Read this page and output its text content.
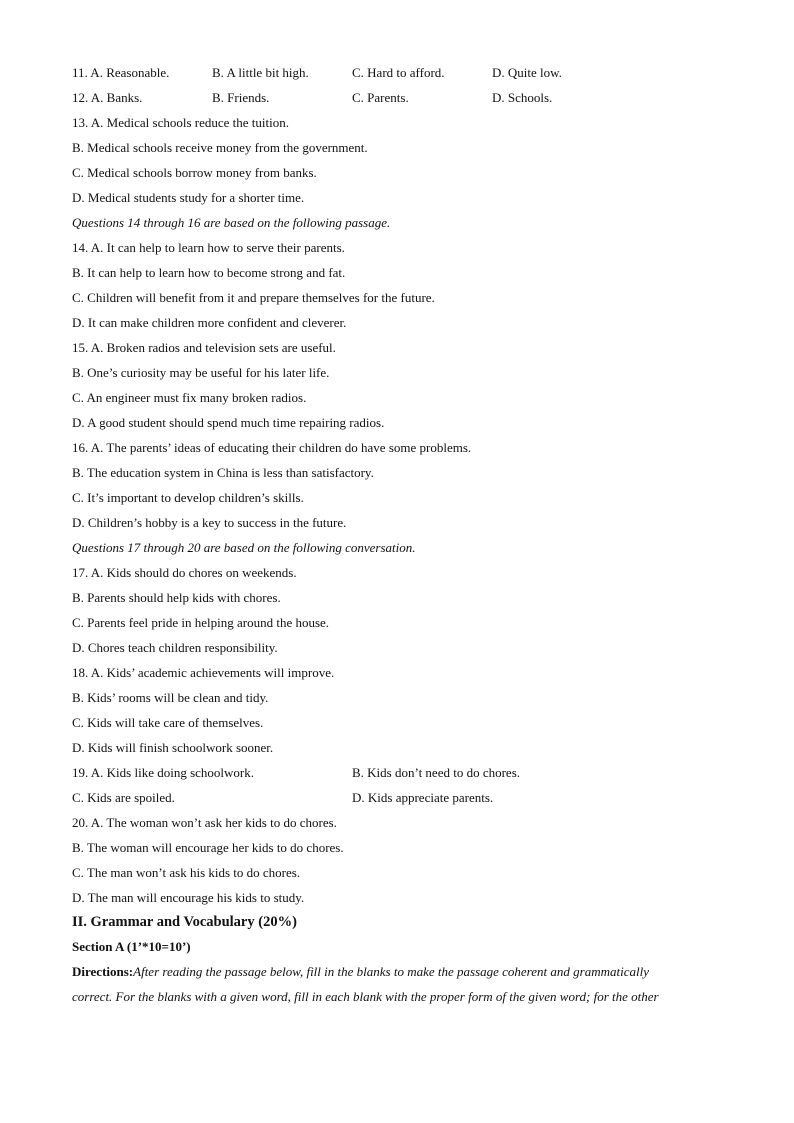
11. A. Reasonable.	B. A little bit high.	C. Hard to afford.	D. Quite low.
12. A. Banks.	B. Friends.	C. Parents.	D. Schools.
13. A. Medical schools reduce the tuition.
B. Medical schools receive money from the government.
C. Medical schools borrow money from banks.
D. Medical students study for a shorter time.
Questions 14 through 16 are based on the following passage.
14. A. It can help to learn how to serve their parents.
B. It can help to learn how to become strong and fat.
C. Children will benefit from it and prepare themselves for the future.
D. It can make children more confident and cleverer.
15. A. Broken radios and television sets are useful.
B. One’s curiosity may be useful for his later life.
C. An engineer must fix many broken radios.
D. A good student should spend much time repairing radios.
16. A. The parents’ ideas of educating their children do have some problems.
B. The education system in China is less than satisfactory.
C. It’s important to develop children’s skills.
D. Children’s hobby is a key to success in the future.
Questions 17 through 20 are based on the following conversation.
17. A. Kids should do chores on weekends.
B. Parents should help kids with chores.
C. Parents feel pride in helping around the house.
D. Chores teach children responsibility.
18. A. Kids’ academic achievements will improve.
B. Kids’ rooms will be clean and tidy.
C. Kids will take care of themselves.
D. Kids will finish schoolwork sooner.
19. A. Kids like doing schoolwork.	B. Kids don’t need to do chores.
C. Kids are spoiled.	D. Kids appreciate parents.
20. A. The woman won’t ask her kids to do chores.
B. The woman will encourage her kids to do chores.
C. The man won’t ask his kids to do chores.
D. The man will encourage his kids to study.
II. Grammar and Vocabulary (20%)
Section A (1’*10=10’)
Directions:After reading the passage below, fill in the blanks to make the passage coherent and grammatically
correct. For the blanks with a given word, fill in each blank with the proper form of the given word; for the other
